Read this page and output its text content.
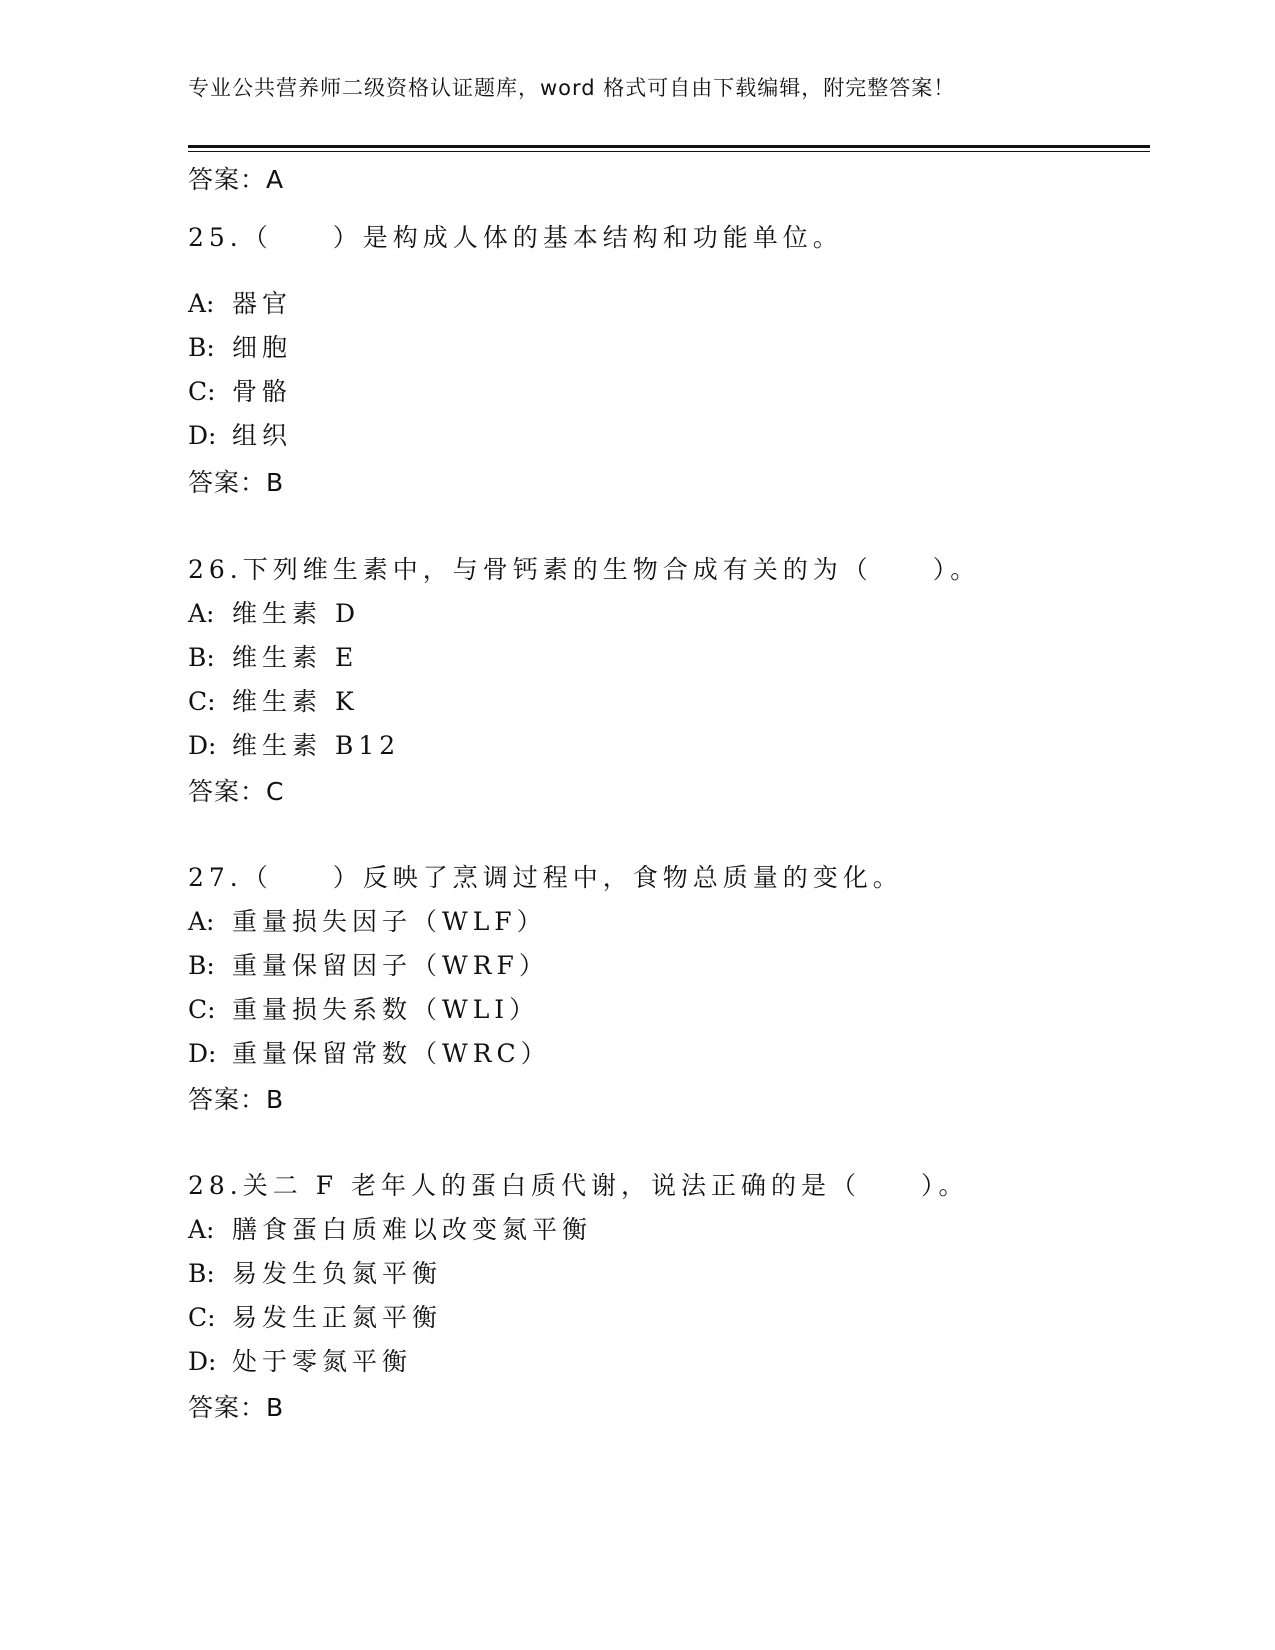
专业公共营养师二级资格认证题库，word 格式可自由下载编辑，附完整答案！
答案：A
25.（　　）是构成人体的基本结构和功能单位。
A: 器官
B: 细胞
C: 骨骼
D: 组织
答案：B
26.下列维生素中，与骨钙素的生物合成有关的为（　　）。
A: 维生素 D
B: 维生素 E
C: 维生素 K
D: 维生素 B12
答案：C
27.（　　）反映了烹调过程中，食物总质量的变化。
A: 重量损失因子（WLF）
B: 重量保留因子（WRF）
C: 重量损失系数（WLI）
D: 重量保留常数（WRC）
答案：B
28.关二 F 老年人的蛋白质代谢，说法正确的是（　　）。
A: 膳食蛋白质难以改变氮平衡
B: 易发生负氮平衡
C: 易发生正氮平衡
D: 处于零氮平衡
答案：B
